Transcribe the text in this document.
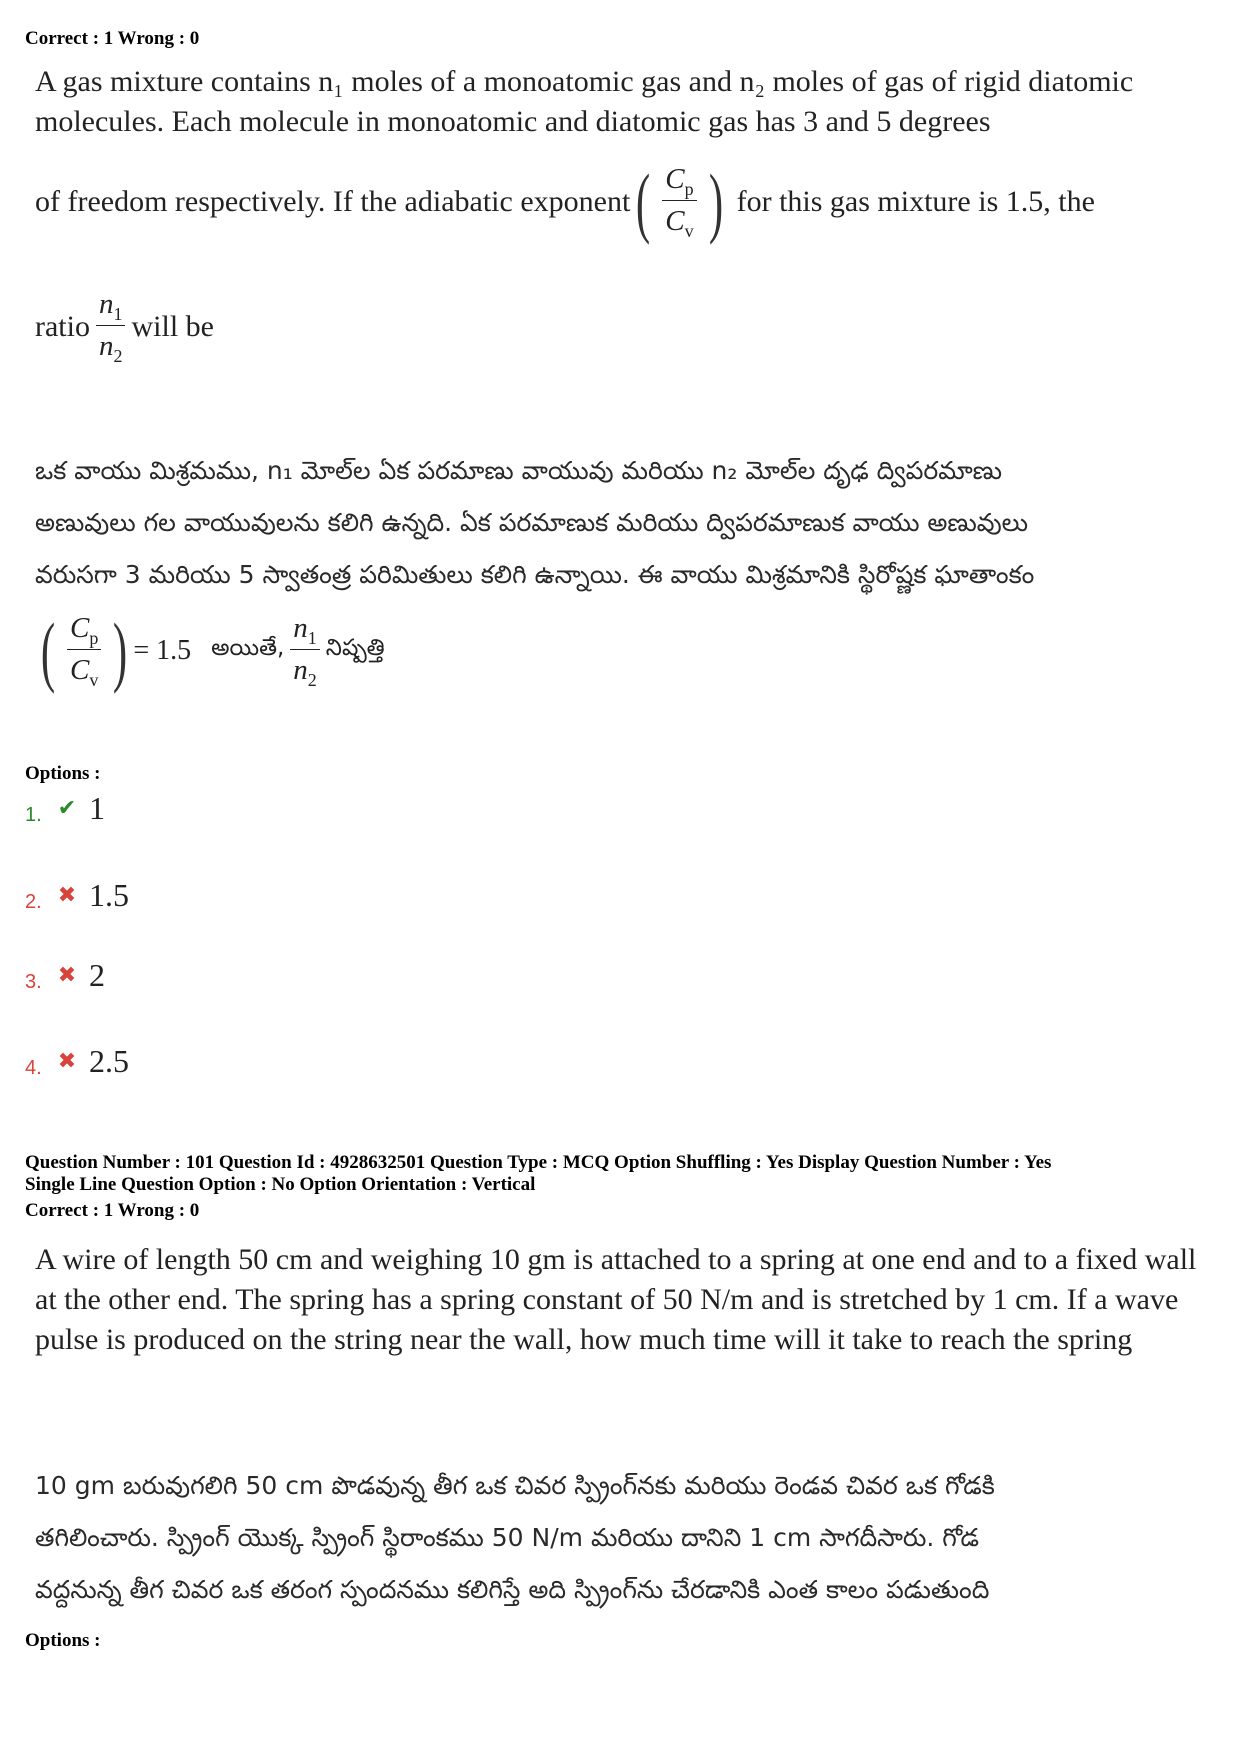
Correct : 1 Wrong : 0
A gas mixture contains n₁ moles of a monoatomic gas and n₂ moles of gas of rigid diatomic molecules. Each molecule in monoatomic and diatomic gas has 3 and 5 degrees
of freedom respectively. If the adiabatic exponent ( $\frac{C_p}{C_v}$ ) for this gas mixture is 1.5, the
ratio $\frac{n_1}{n_2}$ will be
ఒక వాయు మిశ్రమము, n₁ మోల్‌ల ఏక పరమాణు వాయువు మరియు n₂ మోల్‌ల దృఢ ద్విపరమాణు
అణువులు గల వాయువులను కలిగి ఉన్నది. ఏక పరమాణుక మరియు ద్విపరమాణుక వాయు అణువులు
వరుసగా 3 మరియు 5 స్వాతంత్ర పరిమితులు కలిగి ఉన్నాయి. ఈ వాయు మిశ్రమానికి స్థిరోష్ణక ఘాతాంకం
( $\frac{C_p}{C_v}$ ) = 1.5 అయితే, $\frac{n_1}{n_2}$ నిష్పత్తి
Options :
1. ✔ 1
2. ✖ 1.5
3. ✖ 2
4. ✖ 2.5
Question Number : 101 Question Id : 4928632501 Question Type : MCQ Option Shuffling : Yes Display Question Number : Yes
Single Line Question Option : No Option Orientation : Vertical
Correct : 1 Wrong : 0
A wire of length 50 cm and weighing 10 gm is attached to a spring at one end and to a fixed wall at the other end. The spring has a spring constant of 50 N/m and is stretched by 1 cm. If a wave pulse is produced on the string near the wall, how much time will it take to reach the spring
10 gm బరువుగలిగి 50 cm పొడవున్న తీగ ఒక చివర స్ప్రింగ్‌నకు మరియు రెండవ చివర ఒక గోడకి
తగిలించారు. స్ప్రింగ్ యొక్క స్ప్రింగ్ స్థిరాంకము 50 N/m మరియు దానిని 1 cm సాగదీసారు. గోడ
వద్దనున్న తీగ చివర ఒక తరంగ స్పందనము కలిగిస్తే అది స్ప్రింగ్‌ను చేరడానికి ఎంత కాలం పడుతుంది
Options :
